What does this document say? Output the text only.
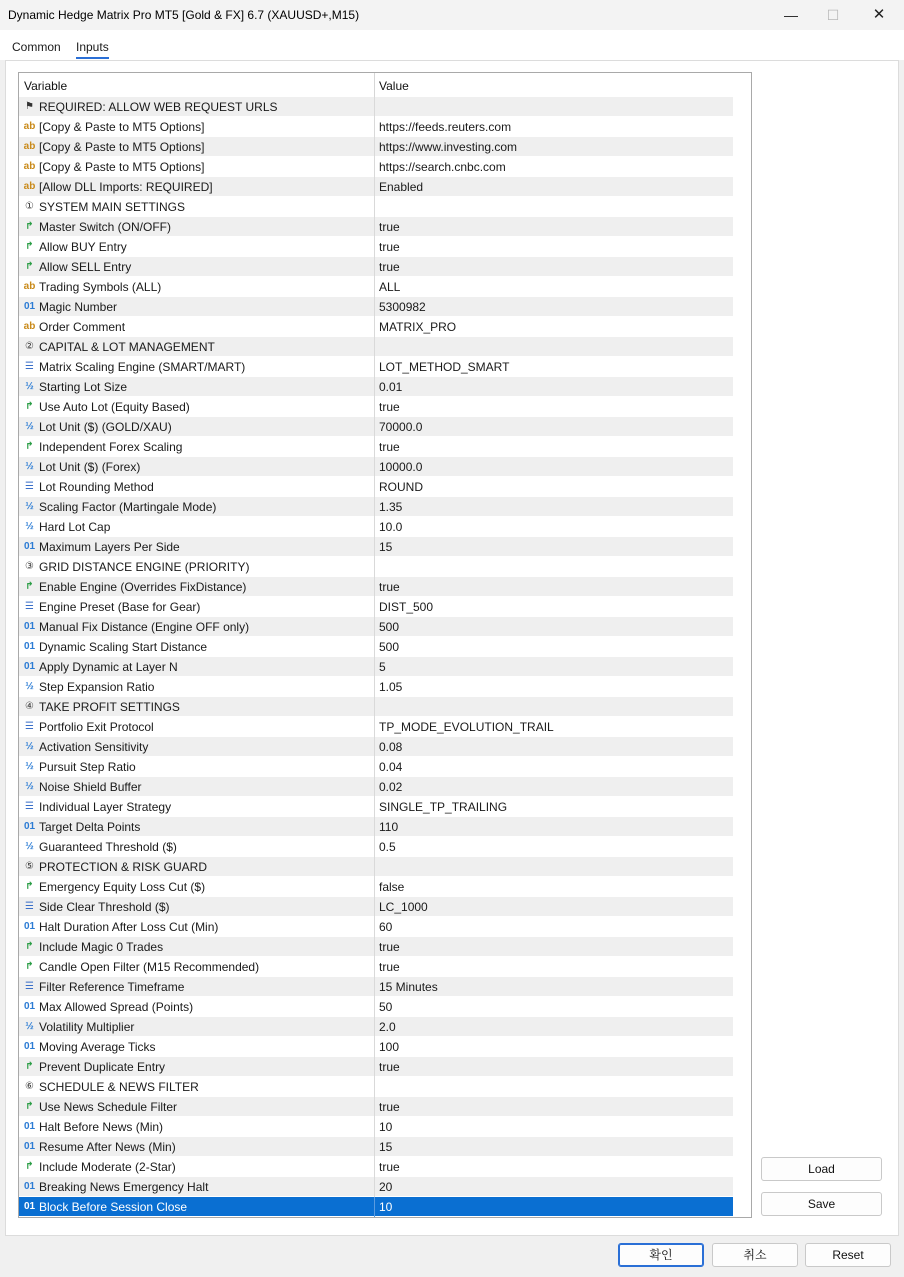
Dynamic Hedge Matrix Pro MT5 [Gold & FX] 6.7 (XAUUSD+,M15)	—	☐	✕
Common Inputs
Variable	Value
⚑ REQUIRED: ALLOW WEB REQUEST URLS
ab [Copy & Paste to MT5 Options]	https://feeds.reuters.com
ab [Copy & Paste to MT5 Options]	https://www.investing.com
ab [Copy & Paste to MT5 Options]	https://search.cnbc.com
ab [Allow DLL Imports: REQUIRED]	Enabled
① SYSTEM MAIN SETTINGS
↱ Master Switch (ON/OFF)	true
↱ Allow BUY Entry	true
↱ Allow SELL Entry	true
ab Trading Symbols (ALL)	ALL
01 Magic Number	5300982
ab Order Comment	MATRIX_PRO
② CAPITAL & LOT MANAGEMENT
☰ Matrix Scaling Engine (SMART/MART)	LOT_METHOD_SMART
½ Starting Lot Size	0.01
↱ Use Auto Lot (Equity Based)	true
½ Lot Unit ($) (GOLD/XAU)	70000.0
↱ Independent Forex Scaling	true
½ Lot Unit ($) (Forex)	10000.0
☰ Lot Rounding Method	ROUND
½ Scaling Factor (Martingale Mode)	1.35
½ Hard Lot Cap	10.0
01 Maximum Layers Per Side	15
③ GRID DISTANCE ENGINE (PRIORITY)
↱ Enable Engine (Overrides FixDistance)	true
☰ Engine Preset (Base for Gear)	DIST_500
01 Manual Fix Distance (Engine OFF only)	500
01 Dynamic Scaling Start Distance	500
01 Apply Dynamic at Layer N	5
½ Step Expansion Ratio	1.05
④ TAKE PROFIT SETTINGS
☰ Portfolio Exit Protocol	TP_MODE_EVOLUTION_TRAIL
½ Activation Sensitivity	0.08
½ Pursuit Step Ratio	0.04
½ Noise Shield Buffer	0.02
☰ Individual Layer Strategy	SINGLE_TP_TRAILING
01 Target Delta Points	110
½ Guaranteed Threshold ($)	0.5
⑤ PROTECTION & RISK GUARD
↱ Emergency Equity Loss Cut ($)	false
☰ Side Clear Threshold ($)	LC_1000
01 Halt Duration After Loss Cut (Min)	60
↱ Include Magic 0 Trades	true
↱ Candle Open Filter (M15 Recommended)	true
☰ Filter Reference Timeframe	15 Minutes
01 Max Allowed Spread (Points)	50
½ Volatility Multiplier	2.0
01 Moving Average Ticks	100
↱ Prevent Duplicate Entry	true
⑥ SCHEDULE & NEWS FILTER
↱ Use News Schedule Filter	true
01 Halt Before News (Min)	10
01 Resume After News (Min)	15
↱ Include Moderate (2-Star)	true
01 Breaking News Emergency Halt	20
01 Block Before Session Close	10
Load
Save
확인	취소	Reset
